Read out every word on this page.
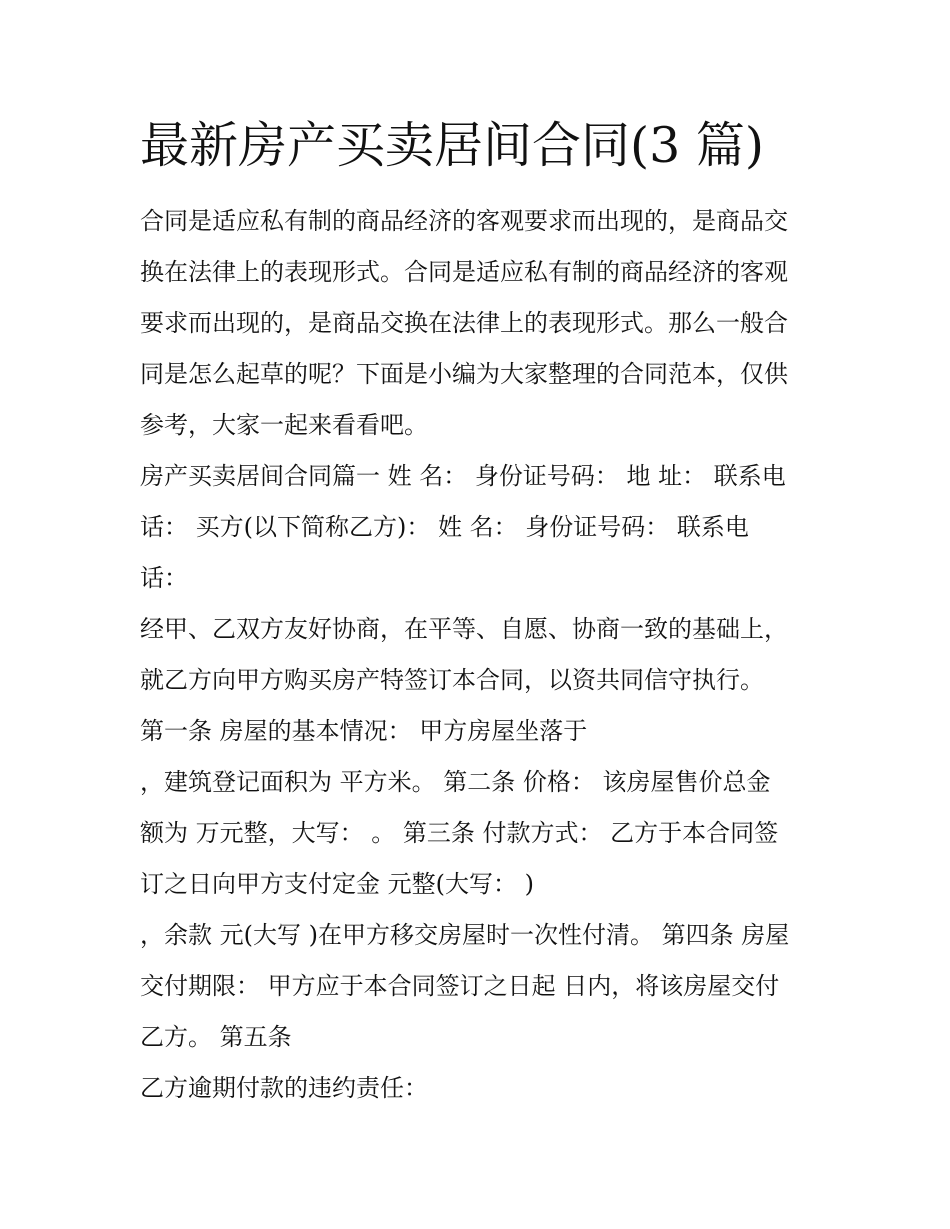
最新房产买卖居间合同(3 篇)
合同是适应私有制的商品经济的客观要求而出现的，是商品交
换在法律上的表现形式。合同是适应私有制的商品经济的客观
要求而出现的，是商品交换在法律上的表现形式。那么一般合
同是怎么起草的呢？下面是小编为大家整理的合同范本，仅供
参考，大家一起来看看吧。
房产买卖居间合同篇一 姓 名： 身份证号码： 地 址： 联系电
话： 买方(以下简称乙方)： 姓 名： 身份证号码： 联系电
话：
经甲、乙双方友好协商，在平等、自愿、协商一致的基础上，
就乙方向甲方购买房产特签订本合同，以资共同信守执行。
第一条 房屋的基本情况： 甲方房屋坐落于
，建筑登记面积为 平方米。 第二条 价格： 该房屋售价总金
额为 万元整，大写： 。 第三条 付款方式： 乙方于本合同签
订之日向甲方支付定金 元整(大写： )
，余款 元(大写 )在甲方移交房屋时一次性付清。 第四条 房屋
交付期限： 甲方应于本合同签订之日起 日内，将该房屋交付
乙方。 第五条
乙方逾期付款的违约责任：
